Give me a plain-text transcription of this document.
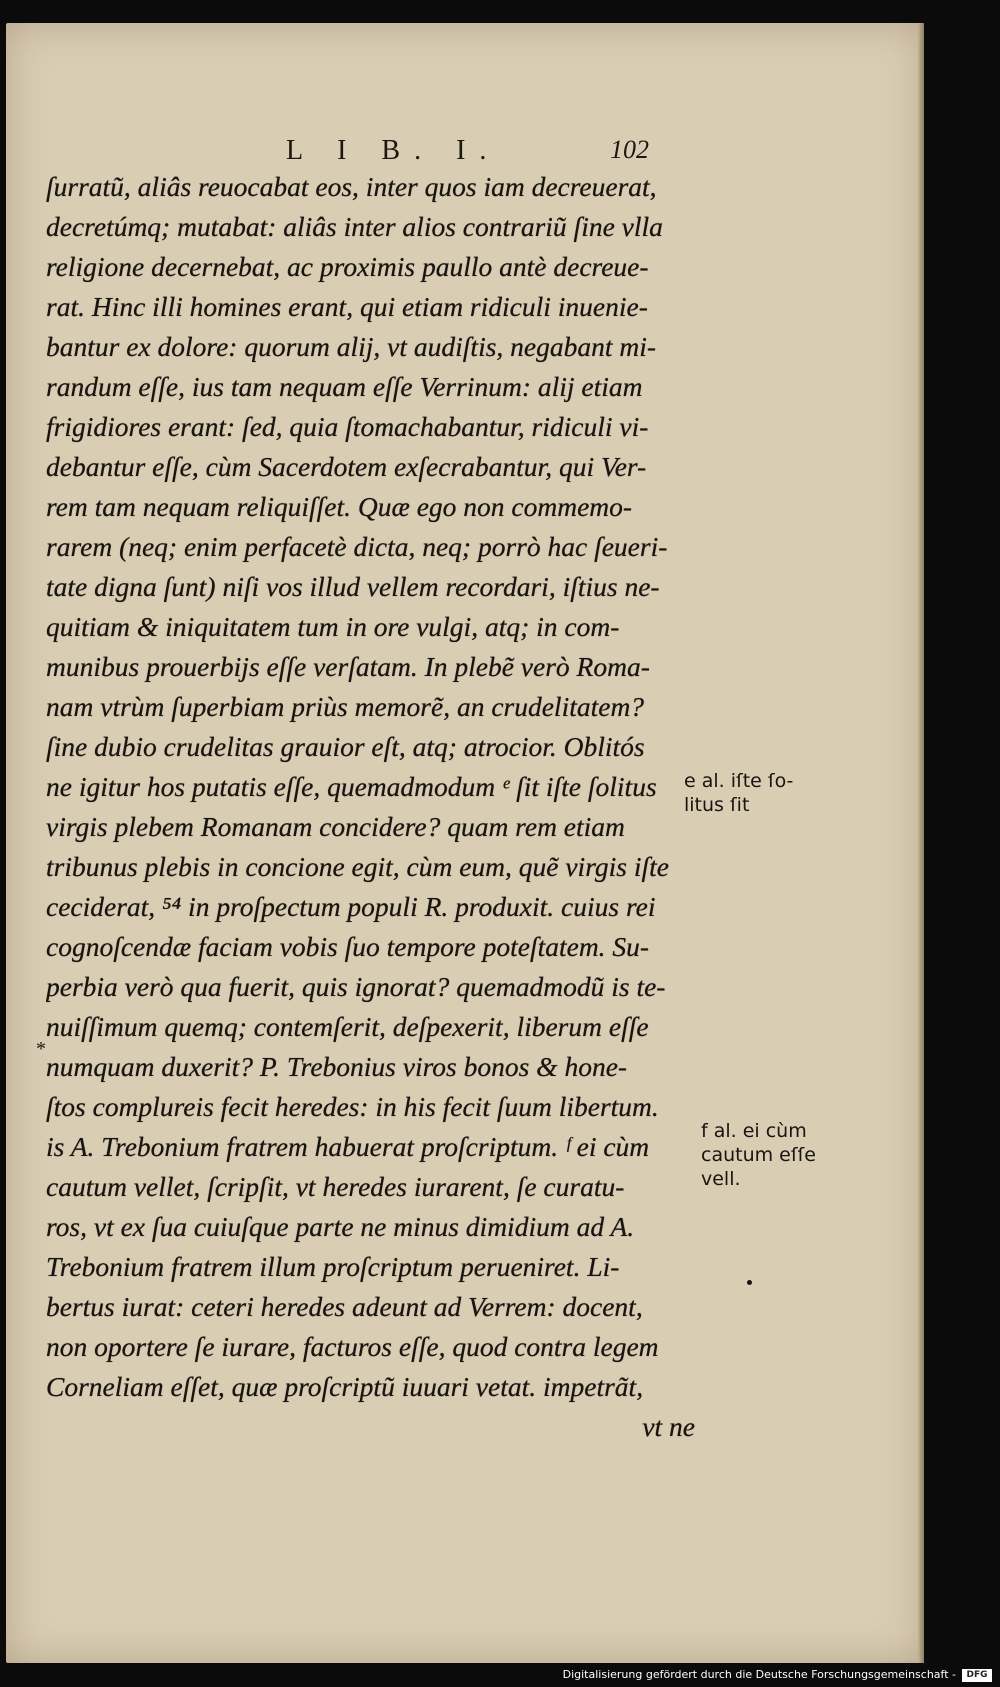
L I B. I.	102
ſurratũ, aliâs reuocabat eos, inter quos iam decreuerat,
decretúmq; mutabat: aliâs inter alios contrariũ ſine vlla
religione decernebat, ac proximis paullo antè decreue-
rat. Hinc illi homines erant, qui etiam ridiculi inuenie-
bantur ex dolore: quorum alij, vt audiſtis, negabant mi-
randum eſſe, ius tam nequam eſſe Verrinum: alij etiam
frigidiores erant: ſed, quia ſtomachabantur, ridiculi vi-
debantur eſſe, cùm Sacerdotem exſecrabantur, qui Ver-
rem tam nequam reliquiſſet. Quæ ego non commemo-
rarem (neq; enim perfacetè dicta, neq; porrò hac ſeueri-
tate digna ſunt) niſi vos illud vellem recordari, iſtius ne-
quitiam & iniquitatem tum in ore vulgi, atq; in com-
munibus prouerbijs eſſe verſatam. In plebẽ verò Roma-
nam vtrùm ſuperbiam priùs memorẽ, an crudelitatem?
ſine dubio crudelitas grauior eſt, atq; atrocior. Oblitós
ne igitur hos putatis eſſe, quemadmodum ᵉ ſit iſte ſolitus
virgis plebem Romanam concidere? quam rem etiam
tribunus plebis in concione egit, cùm eum, quẽ virgis iſte
ceciderat, ⁵⁴ in proſpectum populi R. produxit. cuius rei
cognoſcendæ faciam vobis ſuo tempore poteſtatem. Su-
perbia verò qua fuerit, quis ignorat? quemadmodũ is te-
nuiſſimum quemq; contemſerit, deſpexerit, liberum eſſe
numquam duxerit? P. Trebonius viros bonos & hone-
ſtos complureis fecit heredes: in his fecit ſuum libertum.
is A. Trebonium fratrem habuerat proſcriptum. ᶠ ei cùm
cautum vellet, ſcripſit, vt heredes iurarent, ſe curatu-
ros, vt ex ſua cuiuſque parte ne minus dimidium ad A.
Trebonium fratrem illum proſcriptum perueniret. Li-
bertus iurat: ceteri heredes adeunt ad Verrem: docent,
non oportere ſe iurare, facturos eſſe, quod contra legem
Corneliam eſſet, quæ proſcriptũ iuuari vetat. impetrãt,
vt ne
e al. iſte ſo-
litus ſit
f al. ei cùm
cautum eſſe
vell.
*
Digitalisierung gefördert durch die Deutsche Forschungsgemeinschaft -	DFG
